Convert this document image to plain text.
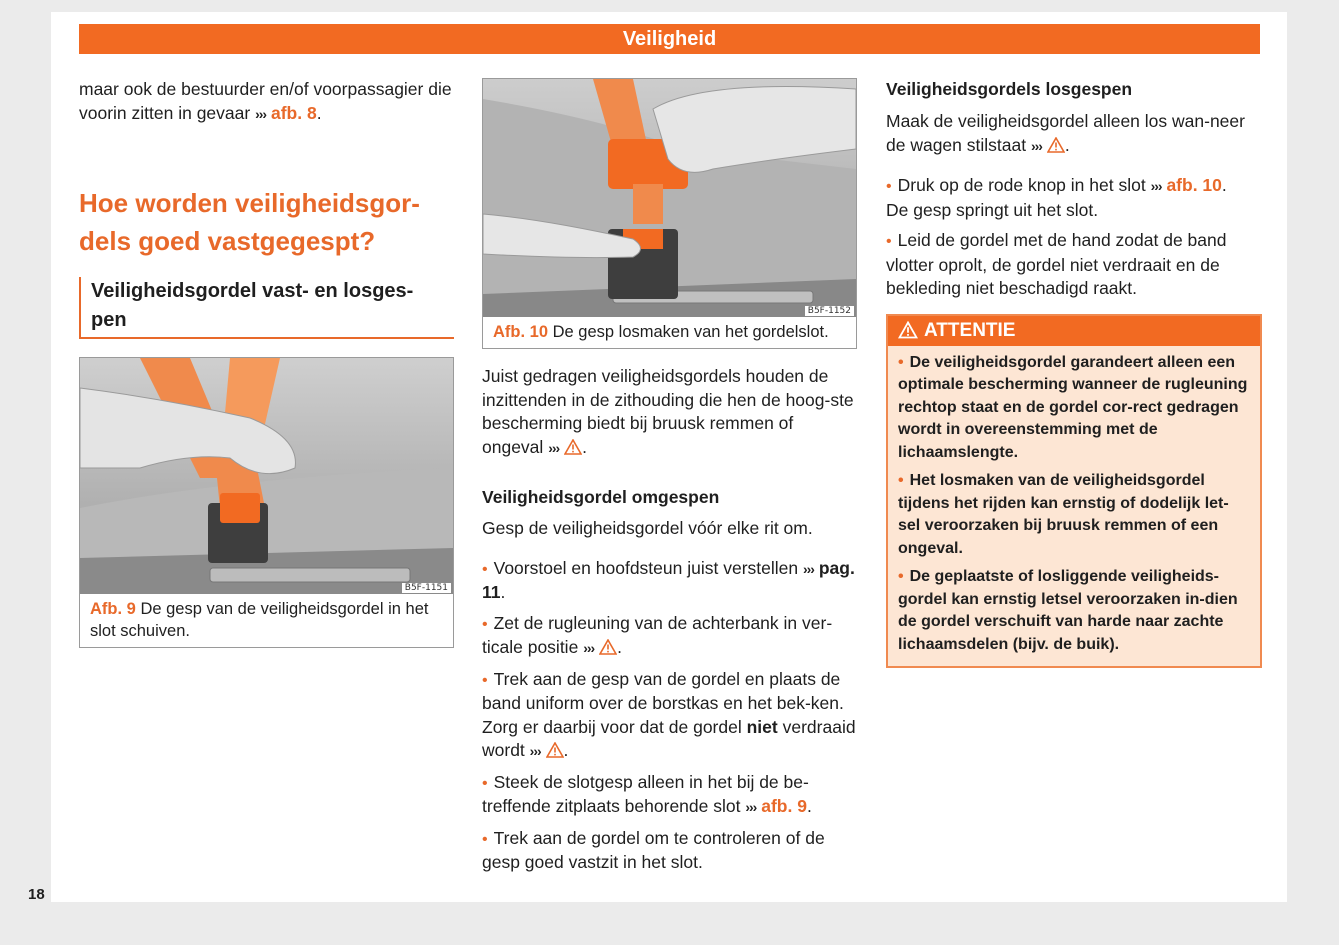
Veiligheid

maar ook de bestuurder en/of voorpassagier die voorin zitten in gevaar ››› afb. 8.

Hoe worden veiligheidsgor-
dels goed vastgegespt?
Veiligheidsgordel vast- en losges-
pen
B5F-1151
Afb. 9 De gesp van de veiligheidsgordel in het slot schuiven.
B5F-1152
Afb. 10 De gesp losmaken van het gordelslot.

Juist gedragen veiligheidsgordels houden de inzittenden in de zithouding die hen de hoog-ste bescherming biedt bij bruusk remmen of ongeval ››› .

Veiligheidsgordel omgespen

Gesp de veiligheidsgordel vóór elke rit om.

• Voorstoel en hoofdsteun juist verstellen ››› pag. 11.

• Zet de rugleuning van de achterbank in ver-ticale positie ››› .

• Trek aan de gesp van de gordel en plaats de band uniform over de borstkas en het bek-ken. Zorg er daarbij voor dat de gordel niet verdraaid wordt ››› .

• Steek de slotgesp alleen in het bij de be-treffende zitplaats behorende slot ››› afb. 9.

• Trek aan de gordel om te controleren of de gesp goed vastzit in het slot.

Veiligheidsgordels losgespen

Maak de veiligheidsgordel alleen los wan-neer de wagen stilstaat ››› .

• Druk op de rode knop in het slot ››› afb. 10.
De gesp springt uit het slot.

• Leid de gordel met de hand zodat de band vlotter oprolt, de gordel niet verdraait en de bekleding niet beschadigd raakt.

ATTENTIE

• De veiligheidsgordel garandeert alleen een optimale bescherming wanneer de rugleuning rechtop staat en de gordel cor-rect gedragen wordt in overeenstemming met de lichaamslengte.

• Het losmaken van de veiligheidsgordel tijdens het rijden kan ernstig of dodelijk let-sel veroorzaken bij bruusk remmen of een ongeval.

• De geplaatste of losliggende veiligheids-gordel kan ernstig letsel veroorzaken in-dien de gordel verschuift van harde naar zachte lichaamsdelen (bijv. de buik).

18
